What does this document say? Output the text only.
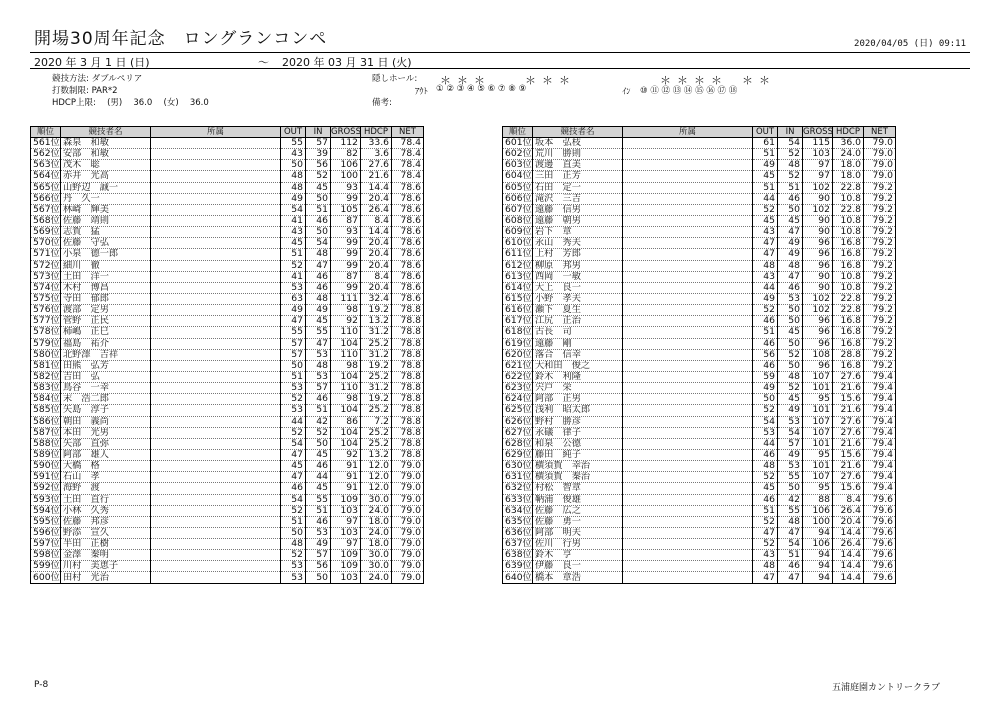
開場30周年記念　ロングランコンペ	2020/04/05 (日) 09:11
2020 年 3 月 1 日 (日)	～ 2020 年 03 月 31 日 (火)
競技方法: ダブルペリア
打数制限: PAR*2
HDCP上限:　 (男)　 36.0　 (女)　 36.0
隠しホール:
備考:
＊＊＊	＊＊＊
ｱｳﾄ ① ② ③ ④ ⑤ ⑥ ⑦ ⑧ ⑨
＊＊＊＊ ＊＊
ｲﾝ ⑩ ⑪ ⑫ ⑬ ⑭ ⑮ ⑯ ⑰ ⑱
順位	競技者名	所属	OUT	IN	GROSS	HDCP	NET
561位	森泉　和敏		55	57	112	33.6	78.4
562位	安部　和敏		43	39	82	3.6	78.4
563位	茂木　聡		50	56	106	27.6	78.4
564位	赤井　光高		48	52	100	21.6	78.4
565位	山野辺　誠一		48	45	93	14.4	78.6
566位	丹　久一		49	50	99	20.4	78.6
567位	林崎　輝美		54	51	105	26.4	78.6
568位	佐藤　靖則		41	46	87	8.4	78.6
569位	志賀　猛		43	50	93	14.4	78.6
570位	佐藤　守弘		45	54	99	20.4	78.6
571位	小泉　德一郎		51	48	99	20.4	78.6
572位	細川　徹		52	47	99	20.4	78.6
573位	土田　洋一		41	46	87	8.4	78.6
574位	木村　博昌		53	46	99	20.4	78.6
575位	寺田　郁郎		63	48	111	32.4	78.6
576位	渡部　定男		49	49	98	19.2	78.8
577位	菅野　正民		47	45	92	13.2	78.8
578位	柿嶋　正巳		55	55	110	31.2	78.8
579位	福島　祐介		57	47	104	25.2	78.8
580位	北野澤　吉祥		57	53	110	31.2	78.8
581位	田熊　弘芳		50	48	98	19.2	78.8
582位	吉田　弘		51	53	104	25.2	78.8
583位	鳥谷　一幸		53	57	110	31.2	78.8
584位	末　浩二郎		52	46	98	19.2	78.8
585位	矢島　淳子		53	51	104	25.2	78.8
586位	朝田　義尚		44	42	86	7.2	78.8
587位	本田　光男		52	52	104	25.2	78.8
588位	矢部　直弥		54	50	104	25.2	78.8
589位	阿部　雄人		47	45	92	13.2	78.8
590位	大橋　格		45	46	91	12.0	79.0
591位	石山　孝		47	44	91	12.0	79.0
592位	海野　渡		46	45	91	12.0	79.0
593位	土田　直行		54	55	109	30.0	79.0
594位	小林　久秀		52	51	103	24.0	79.0
595位	佐藤　邦彦		51	46	97	18.0	79.0
596位	野添　宣久		50	53	103	24.0	79.0
597位	半田　正樹		48	49	97	18.0	79.0
598位	金澤　秦明		52	57	109	30.0	79.0
599位	川村　美恵子		53	56	109	30.0	79.0
600位	田村　光治		53	50	103	24.0	79.0
順位	競技者名	所属	OUT	IN	GROSS	HDCP	NET
601位	坂本　弘枝		61	54	115	36.0	79.0
602位	荒川　勝則		51	52	103	24.0	79.0
603位	渡邊　直美		49	48	97	18.0	79.0
604位	三田　正芳		45	52	97	18.0	79.0
605位	石田　定一		51	51	102	22.8	79.2
606位	滝沢　三吉		44	46	90	10.8	79.2
607位	遠藤　信男		52	50	102	22.8	79.2
608位	遠藤　朝男		45	45	90	10.8	79.2
609位	岩下　章		43	47	90	10.8	79.2
610位	永山　秀夫		47	49	96	16.8	79.2
611位	上村　芳郎		47	49	96	16.8	79.2
612位	柳原　邦男		48	48	96	16.8	79.2
613位	西岡　一敏		43	47	90	10.8	79.2
614位	大上　良一		44	46	90	10.8	79.2
615位	小野　孝夫		49	53	102	22.8	79.2
616位	瀬下　夏生		52	50	102	22.8	79.2
617位	江尻　正治		46	50	96	16.8	79.2
618位	古長　司		51	45	96	16.8	79.2
619位	遠藤　剛		46	50	96	16.8	79.2
620位	落合　信幸		56	52	108	28.8	79.2
621位	大和田　俊之		46	50	96	16.8	79.2
622位	鈴木　利隆		59	48	107	27.6	79.4
623位	宍戸　栄		49	52	101	21.6	79.4
624位	阿部　正男		50	45	95	15.6	79.4
625位	浅利　昭太郎		52	49	101	21.6	79.4
626位	野村　勝彦		54	53	107	27.6	79.4
627位	永礒　律子		53	54	107	27.6	79.4
628位	和泉　公德		44	57	101	21.6	79.4
629位	藤田　純子		46	49	95	15.6	79.4
630位	横須賀　幸治		48	53	101	21.6	79.4
631位	横須賀　秦治		52	55	107	27.6	79.4
632位	村松　智章		45	50	95	15.6	79.4
633位	鞆浦　俊雄		46	42	88	8.4	79.6
634位	佐藤　広之		51	55	106	26.4	79.6
635位	佐藤　勇一		52	48	100	20.4	79.6
636位	阿部　明夫		47	47	94	14.4	79.6
637位	佐川　行男		52	54	106	26.4	79.6
638位	鈴木　亨		43	51	94	14.4	79.6
639位	伊藤　良一		48	46	94	14.4	79.6
640位	橋本　章浩		47	47	94	14.4	79.6
P-8	五浦庭園カントリークラブ
